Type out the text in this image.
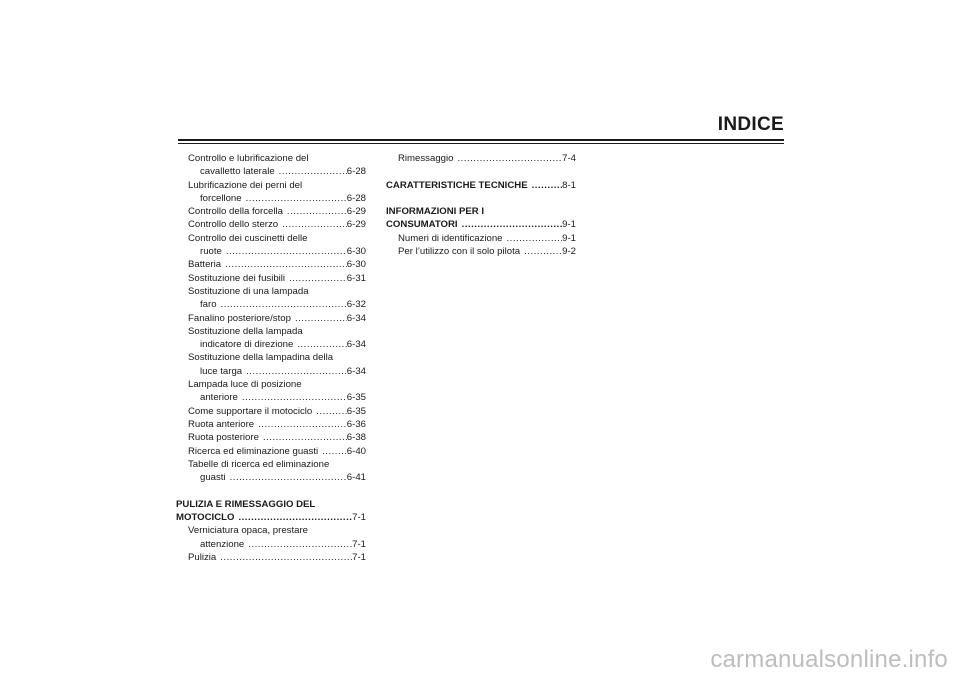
INDICE
Controllo e lubrificazione del
cavalletto laterale .....	6-28
Lubrificazione dei perni del
forcellone .....	6-28
Controllo della forcella .....	6-29
Controllo dello sterzo .....	6-29
Controllo dei cuscinetti delle
ruote .....	6-30
Batteria .....	6-30
Sostituzione dei fusibili .....	6-31
Sostituzione di una lampada
faro .....	6-32
Fanalino posteriore/stop .....	6-34
Sostituzione della lampada
indicatore di direzione .....	6-34
Sostituzione della lampadina della
luce targa .....	6-34
Lampada luce di posizione
anteriore .....	6-35
Come supportare il motociclo .....	6-35
Ruota anteriore .....	6-36
Ruota posteriore .....	6-38
Ricerca ed eliminazione guasti .....	6-40
Tabelle di ricerca ed eliminazione
guasti .....	6-41
PULIZIA E RIMESSAGGIO DEL
MOTOCICLO .....	7-1
Verniciatura opaca, prestare
attenzione .....	7-1
Pulizia .....	7-1
Rimessaggio .....	7-4
CARATTERISTICHE TECNICHE .....	8-1
INFORMAZIONI PER I
CONSUMATORI .....	9-1
Numeri di identificazione .....	9-1
Per l’utilizzo con il solo pilota .....	9-2
carmanualsonline.info
